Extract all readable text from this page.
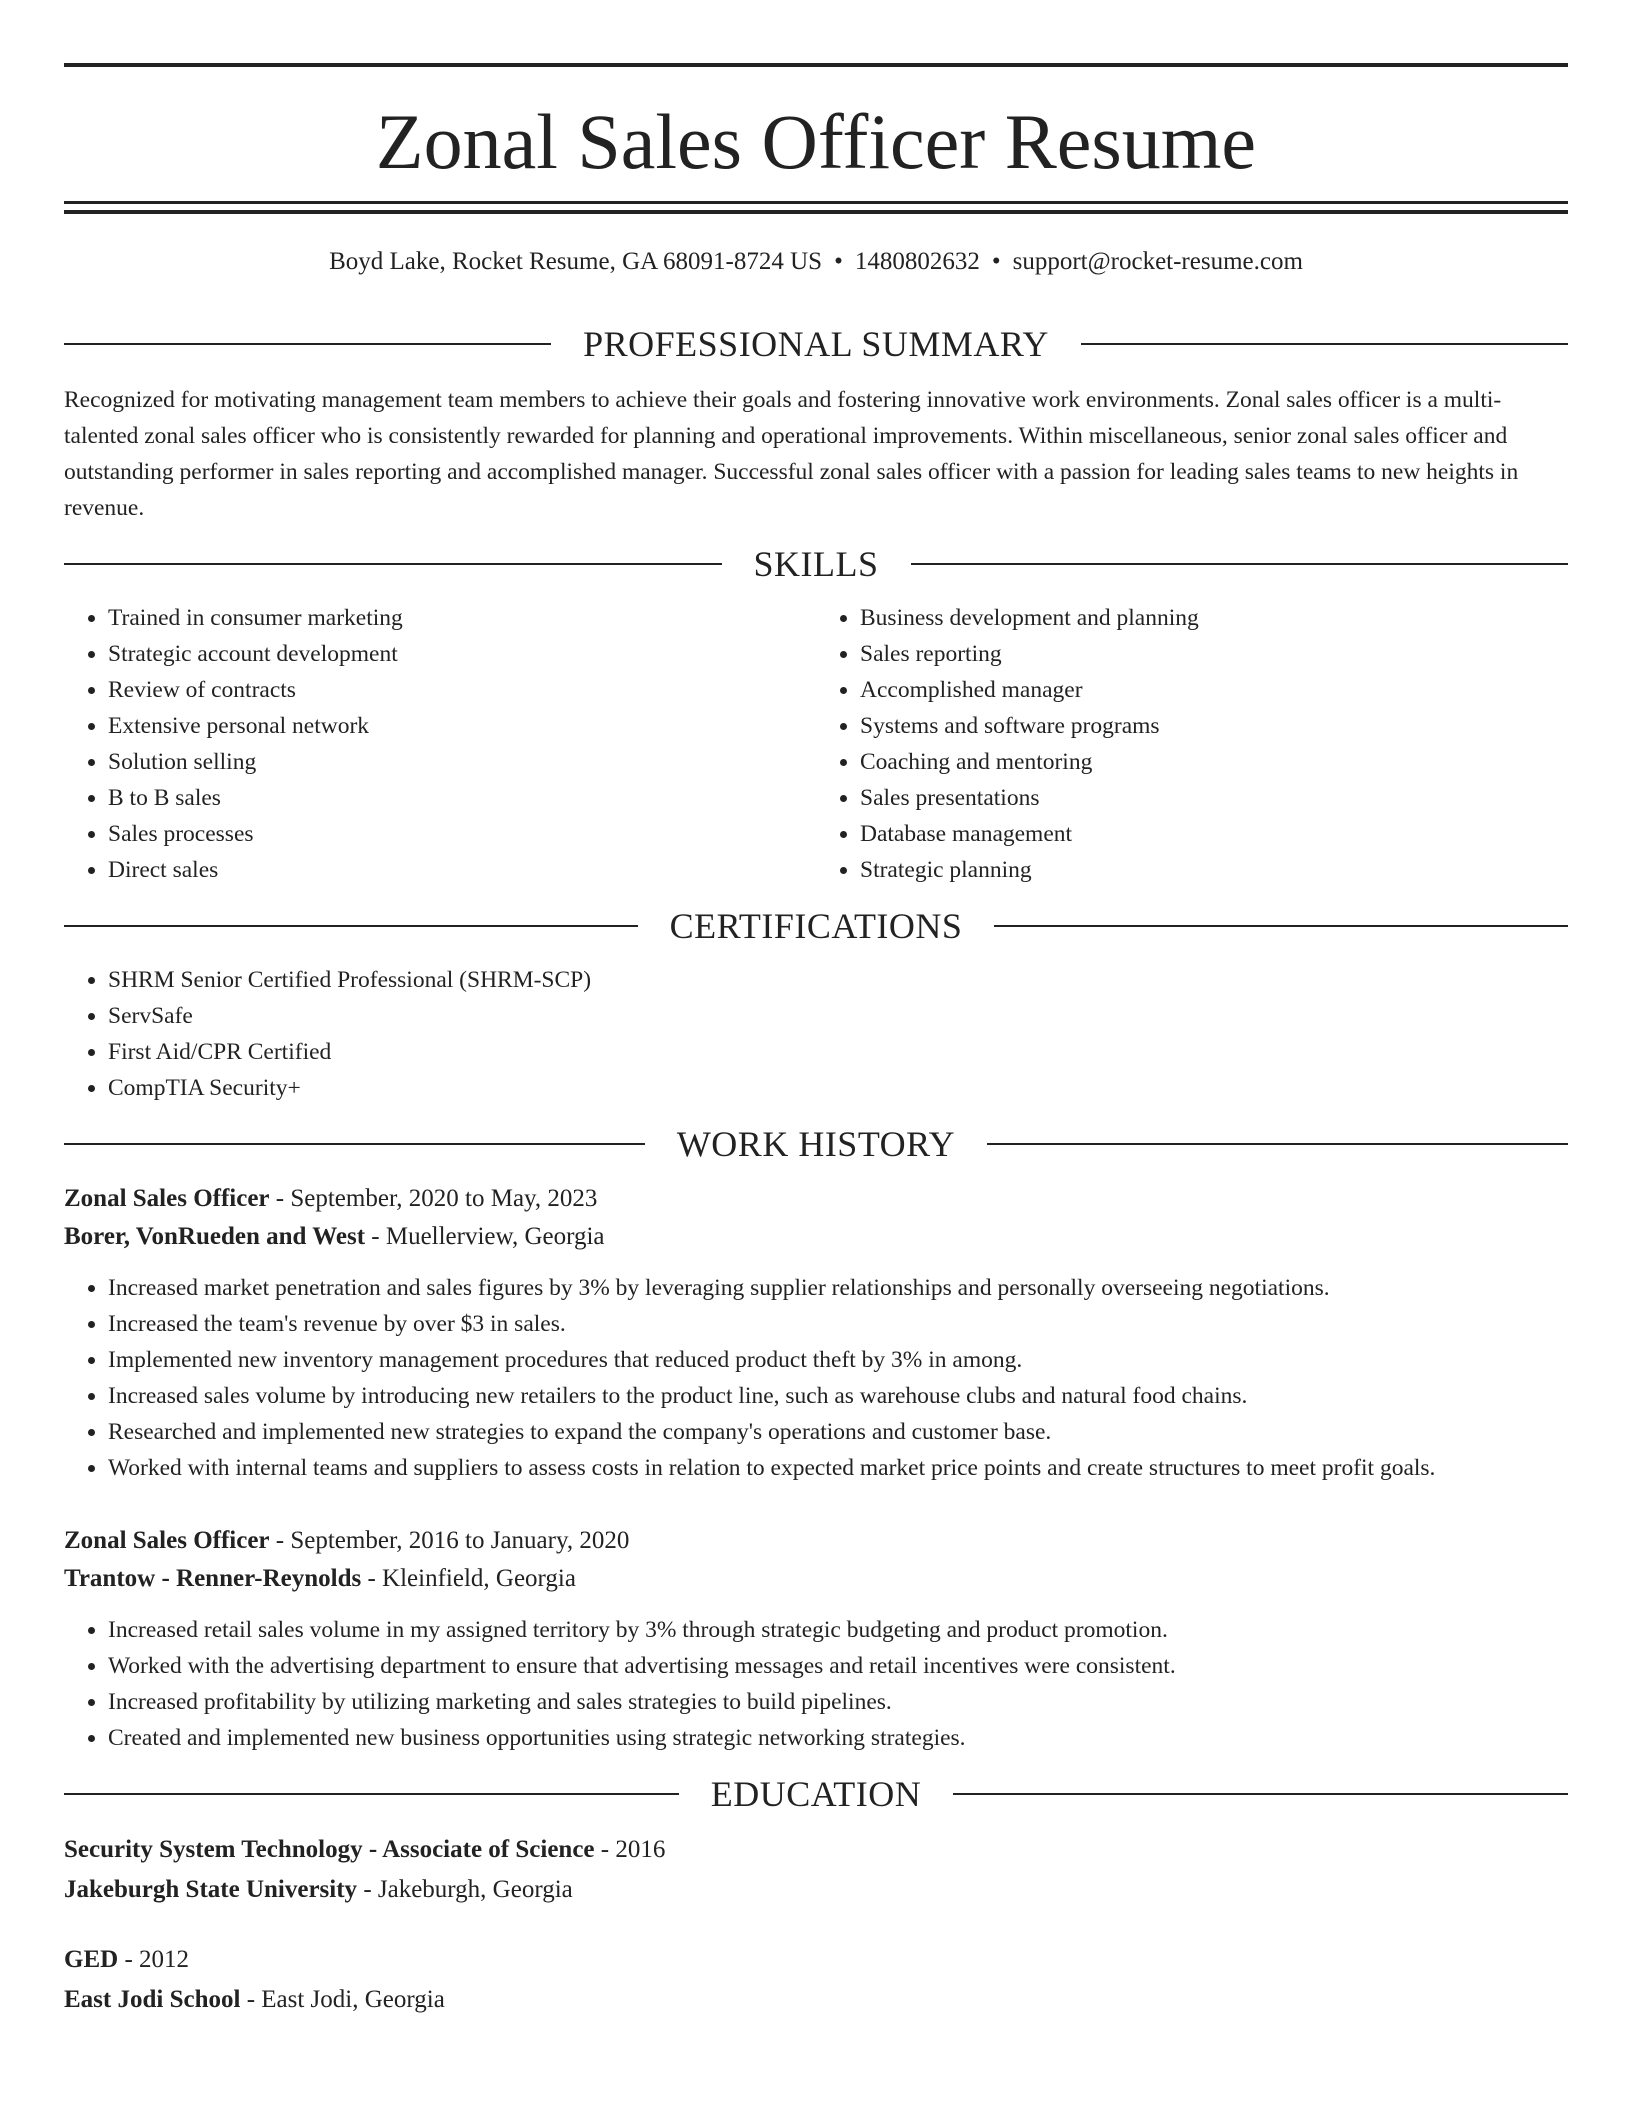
Zonal Sales Officer Resume
Boyd Lake, Rocket Resume, GA 68091-8724 US • 1480802632 • support@rocket-resume.com
PROFESSIONAL SUMMARY

Recognized for motivating management team members to achieve their goals and fostering innovative work environments. Zonal sales officer is a multi-talented zonal sales officer who is consistently rewarded for planning and operational improvements. Within miscellaneous, senior zonal sales officer and outstanding performer in sales reporting and accomplished manager. Successful zonal sales officer with a passion for leading sales teams to new heights in revenue.

SKILLS
• Trained in consumer marketing
• Strategic account development
• Review of contracts
• Extensive personal network
• Solution selling
• B to B sales
• Sales processes
• Direct sales
• Business development and planning
• Sales reporting
• Accomplished manager
• Systems and software programs
• Coaching and mentoring
• Sales presentations
• Database management
• Strategic planning
CERTIFICATIONS
• SHRM Senior Certified Professional (SHRM-SCP)
• ServSafe
• First Aid/CPR Certified
• CompTIA Security+
WORK HISTORY
Zonal Sales Officer - September, 2020 to May, 2023
Borer, VonRueden and West - Muellerview, Georgia
• Increased market penetration and sales figures by 3% by leveraging supplier relationships and personally overseeing negotiations.
• Increased the team's revenue by over $3 in sales.
• Implemented new inventory management procedures that reduced product theft by 3% in among.
• Increased sales volume by introducing new retailers to the product line, such as warehouse clubs and natural food chains.
• Researched and implemented new strategies to expand the company's operations and customer base.
• Worked with internal teams and suppliers to assess costs in relation to expected market price points and create structures to meet profit goals.
Zonal Sales Officer - September, 2016 to January, 2020
Trantow - Renner-Reynolds - Kleinfield, Georgia
• Increased retail sales volume in my assigned territory by 3% through strategic budgeting and product promotion.
• Worked with the advertising department to ensure that advertising messages and retail incentives were consistent.
• Increased profitability by utilizing marketing and sales strategies to build pipelines.
• Created and implemented new business opportunities using strategic networking strategies.
EDUCATION
Security System Technology - Associate of Science - 2016
Jakeburgh State University - Jakeburgh, Georgia
GED - 2012
East Jodi School - East Jodi, Georgia
